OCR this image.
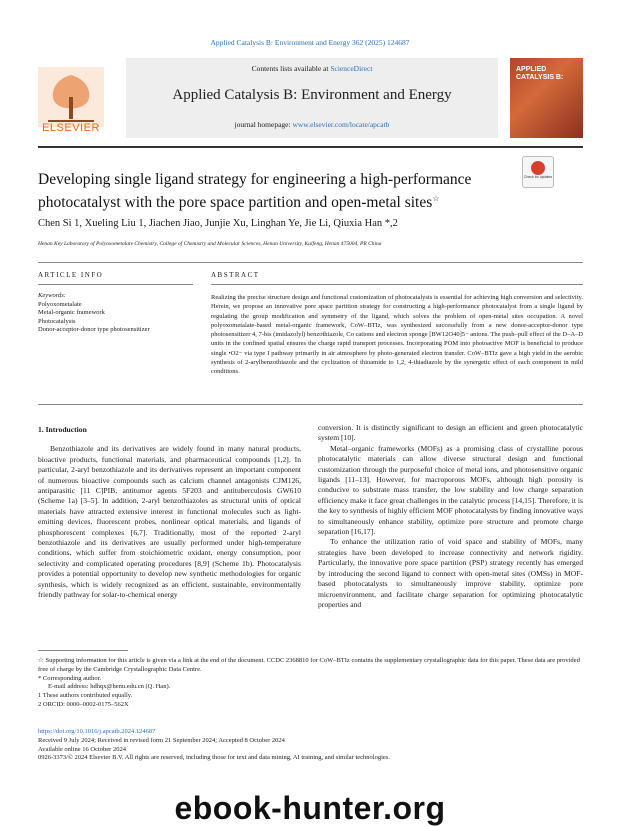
Applied Catalysis B: Environment and Energy 362 (2025) 124687
ELSEVIER
Contents lists available at ScienceDirect
Applied Catalysis B: Environment and Energy
journal homepage: www.elsevier.com/locate/apcatb
APPLIED CATALYSIS B:
Developing single ligand strategy for engineering a high-performance photocatalyst with the pore space partition and open-metal sites☆
Check for updates
Chen Si 1, Xueling Liu 1, Jiachen Jiao, Junjie Xu, Linghan Ye, Jie Li, Qiuxia Han *,2
Henan Key Laboratory of Polyoxometalate Chemistry, College of Chemistry and Molecular Sciences, Henan University, Kaifeng, Henan 475004, PR China
ARTICLE INFO	ABSTRACT
Keywords:
Polyoxometalate
Metal-organic framework
Photocatalysis
Donor-acceptor-donor type photosensitizer
Realizing the precise structure design and functional customization of photocatalysts is essential for achieving high conversion and selectivity. Herein, we propose an innovative pore space partition strategy for constructing a high-performance photocatalyst from a single ligand by regulating the group modification and symmetry of the ligand, which solves the problem of open-metal sites occupation. A novel polyoxometalate-based metal-organic framework, CoW–BTIz, was synthesized successfully from a new donor-acceptor-donor type photosensitizer 4, 7-bis (imidazolyl) benzothiazole, Co cations and electron sponge [BW12O40]5− anions. The push–pull effect of the D–A–D units in the confined spatial ensures the charge rapid transport processes. Incorporating POM into photoactive MOF is beneficial to produce single •O2− via type I pathway primarily in air atmosphere by photo-generated electron transfer. CoW–BTIz gave a high yield in the aerobic synthesis of 2-arylbenzothiazole and the cyclization of thioamide to 1,2, 4-thiadiazole by the synergetic effect of each component in mild conditions.
1. Introduction

Benzothiazole and its derivatives are widely found in many natural products, bioactive products, functional materials, and pharmaceutical compounds [1,2]. In particular, 2-aryl benzothiazole and its derivatives represent an important component of numerous bioactive compounds such as calcium channel antagonists CJM126, antiparasitic [11 C]PIB, antitumor agents 5F203 and antituberculosis GW610 (Scheme 1a) [3–5]. In addition, 2-aryl benzothiazoles as structural units of optical materials have attracted extensive interest in functional molecules such as light-emitting devices, fluorescent probes, nonlinear optical materials, and ligands of phosphorescent complexes [6,7]. Traditionally, most of the reported 2-aryl benzothiazole and its derivatives are usually performed under high-temperature conditions, which suffer from stoichiometric oxidant, energy consumption, poor selectivity and complicated operating procedures [8,9] (Scheme 1b). Photocatalysis provides a potential opportunity to develop new synthetic methodologies for organic synthesis, which is widely recognized as an efficient, sustainable, environmentally friendly pathway for solar-to-chemical energy

conversion. It is distinctly significant to design an efficient and green photocatalytic system [10].

Metal–organic frameworks (MOFs) as a promising class of crystalline porous photocatalytic materials can allow diverse structural design and functional customization through the purposeful choice of metal ions, and photosensitive organic ligands [11–13]. However, for macroporous MOFs, although high porosity is conducive to substrate mass transfer, the low stability and low charge separation efficiency make it face great challenges in the catalytic process [14,15]. Therefore, it is the key to synthesis of highly efficient MOF photocatalysts by finding innovative ways to simultaneously enhance stability, optimize pore structure and promote charge separation [16,17].

To enhance the utilization ratio of void space and stability of MOFs, many strategies have been developed to increase connectivity and network rigidity. Particularly, the innovative pore space partition (PSP) strategy recently has emerged by introducing the second ligand to connect with open-metal sites (OMSs) in MOF-based photocatalysts to simultaneously improve stability, optimize pore microenvironment, and facilitate charge separation for optimizing photocatalytic properties and

☆ Supporting information for this article is given via a link at the end of the document. CCDC 2368810 for CoW–BTIz contains the supplementary crystallographic data for this paper. These data are provided free of charge by the Cambridge Crystallographic Data Centre.

* Corresponding author.

E-mail address: hdhqx@henu.edu.cn (Q. Han).

1 These authors contributed equally.

2 ORCID: 0000–0002-0175–562X

https://doi.org/10.1016/j.apcatb.2024.124687

Received 9 July 2024; Received in revised form 21 September 2024; Accepted 8 October 2024

Available online 16 October 2024

0926-3373/© 2024 Elsevier B.V. All rights are reserved, including those for text and data mining, AI training, and similar technologies.

ebook-hunter.org
